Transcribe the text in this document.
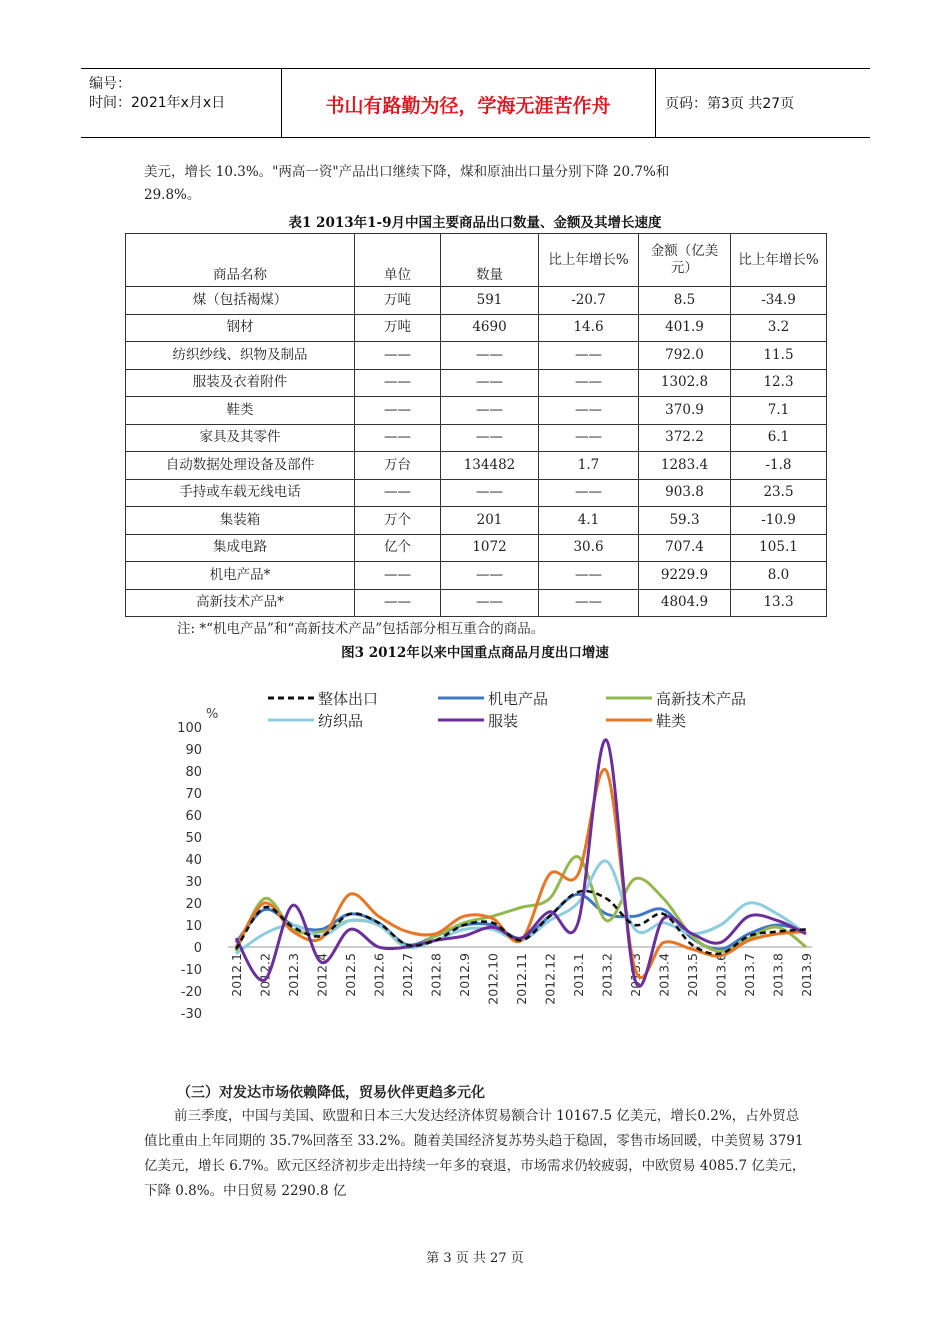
编号：
时间：2021年x月x日	书山有路勤为径，学海无涯苦作舟	页码：第3页 共27页
美元，增长 10.3%。"两高一资"产品出口继续下降，煤和原油出口量分别下降 20.7%和
29.8%。
表1 2013年1-9月中国主要商品出口数量、金额及其增长速度
商品名称	单位	数量	比上年增长%	金额（亿美元）	比上年增长%
煤（包括褐煤）	万吨	591	-20.7	8.5	-34.9
钢材	万吨	4690	14.6	401.9	3.2
纺织纱线、织物及制品	——	——	——	792.0	11.5
服装及衣着附件	——	——	——	1302.8	12.3
鞋类	——	——	——	370.9	7.1
家具及其零件	——	——	——	372.2	6.1
自动数据处理设备及部件	万台	134482	1.7	1283.4	-1.8
手持或车载无线电话	——	——	——	903.8	23.5
集装箱	万个	201	4.1	59.3	-10.9
集成电路	亿个	1072	30.6	707.4	105.1
机电产品*	——	——	——	9229.9	8.0
高新技术产品*	——	——	——	4804.9	13.3
注: *“机电产品”和“高新技术产品”包括部分相互重合的商品。
图3 2012年以来中国重点商品月度出口增速
%
100
90
80
70
60
50
40
30
20
10
0
-10
-20
-30
2012.1 2012.2 2012.3 2012.4 2012.5 2012.6 2012.7 2012.8 2012.9 2012.10 2012.11 2012.12 2013.1 2013.2 2013.3 2013.4 2013.5 2013.6 2013.7 2013.8 2013.9
整体出口	机电产品	高新技术产品
纺织品	服装	鞋类
（三）对发达市场依赖降低，贸易伙伴更趋多元化
前三季度，中国与美国、欧盟和日本三大发达经济体贸易额合计 10167.5 亿美元，增长0.2%，占外贸总值比重由上年同期的 35.7%回落至 33.2%。随着美国经济复苏势头趋于稳固，零售市场回暖，中美贸易 3791 亿美元，增长 6.7%。欧元区经济初步走出持续一年多的衰退，市场需求仍较疲弱，中欧贸易 4085.7 亿美元，下降 0.8%。中日贸易 2290.8 亿
第 3 页 共 27 页
